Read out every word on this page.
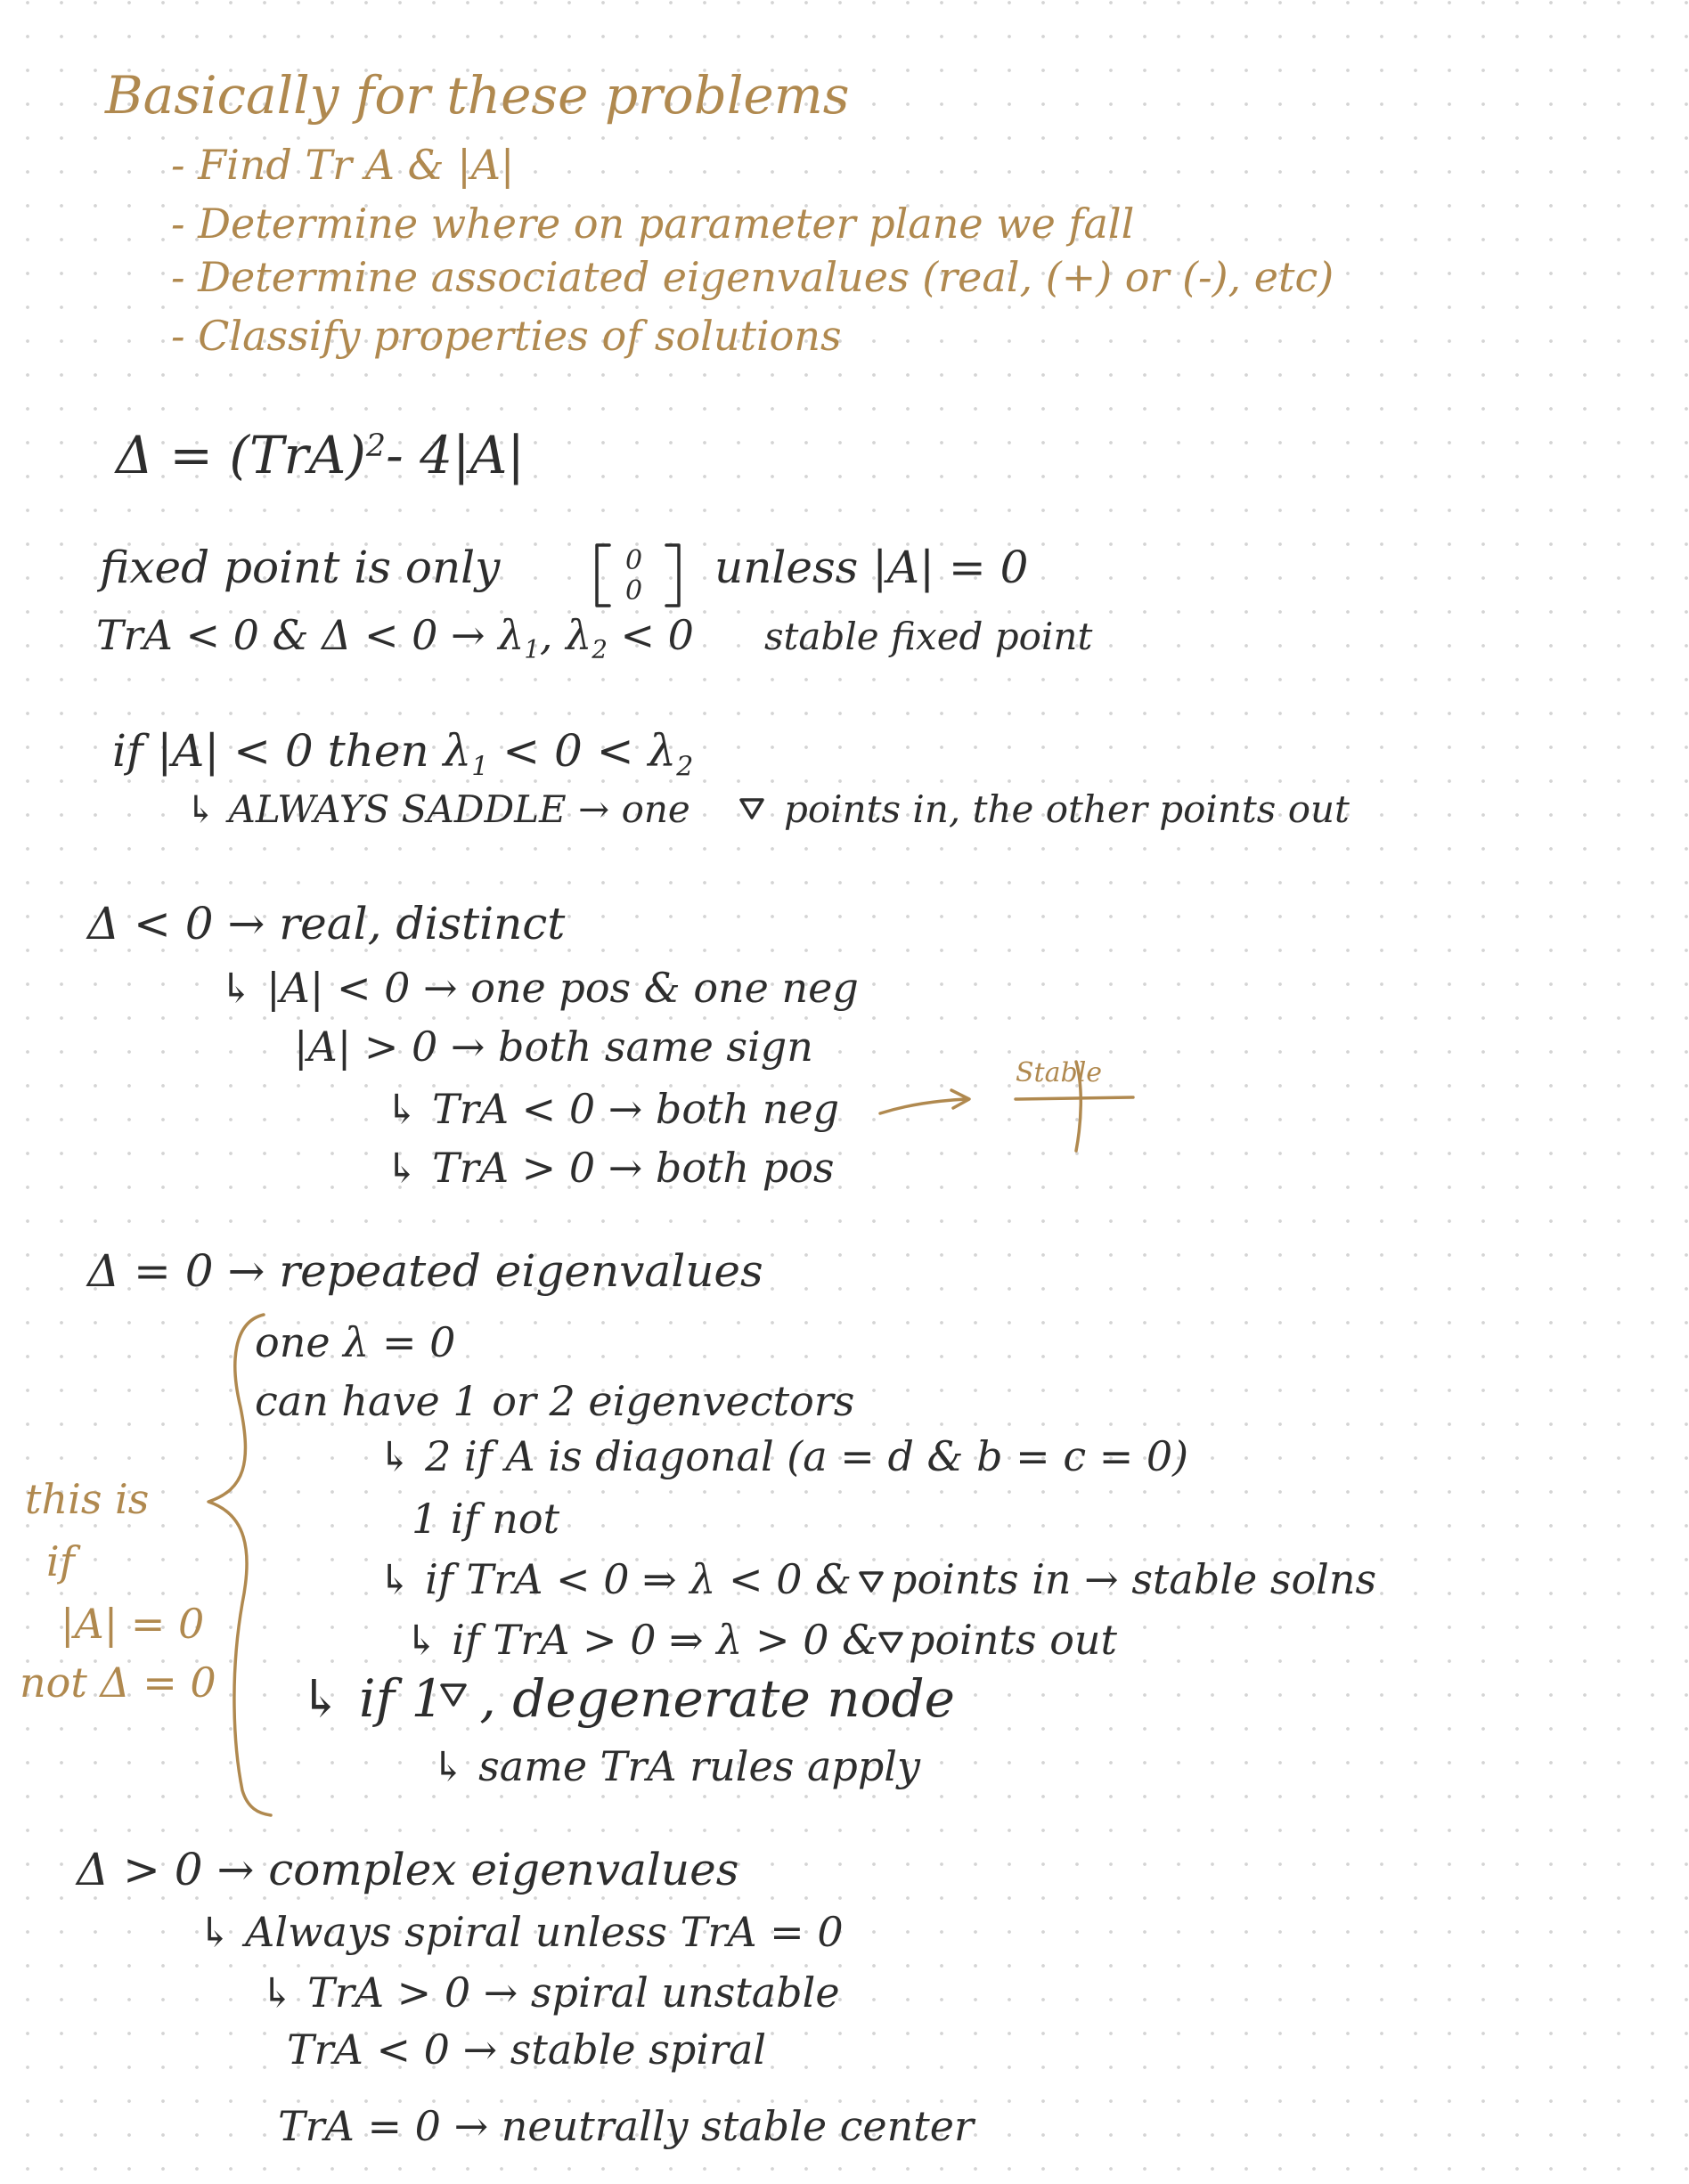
Basically for these problems
- Find Tr A & |A|
- Determine where on parameter plane we fall
- Determine associated eigenvalues (real, (+) or (-), etc)
- Classify properties of solutions
Δ = (TrA)$^2$- 4|A|
fixed point is only	0
0 unless |A| = 0
TrA < 0 & $\Delta < 0 \to \lambda_1$, $\lambda_2 < 0$ stable fixed point
if |A| < 0 then $\lambda_1 < 0 < \lambda_2$
↳ ALWAYS SADDLE → one	points in, the other points out
Δ < 0 → real, distinct
↳ |A| < 0 → one pos & one neg
|A| > 0 → both same sign
↳ TrA < 0 → both neg
↳ TrA > 0 → both pos
Stable
Δ = 0 → repeated eigenvalues
one λ = 0
can have 1 or 2 eigenvectors
↳ 2 if A is diagonal (a = d & b = c = 0)
1 if not
↳ if TrA < 0 ⇒ λ < 0 & points in → stable solns
↳ if TrA > 0 ⇒ λ > 0 & points out
↳ if 1 , degenerate node
↳ same TrA rules apply
this is
if
|A| = 0
not Δ = 0
Δ > 0 → complex eigenvalues
↳ Always spiral unless TrA = 0
↳ TrA > 0 → spiral unstable
TrA < 0 → stable spiral
TrA = 0 → neutrally stable center
